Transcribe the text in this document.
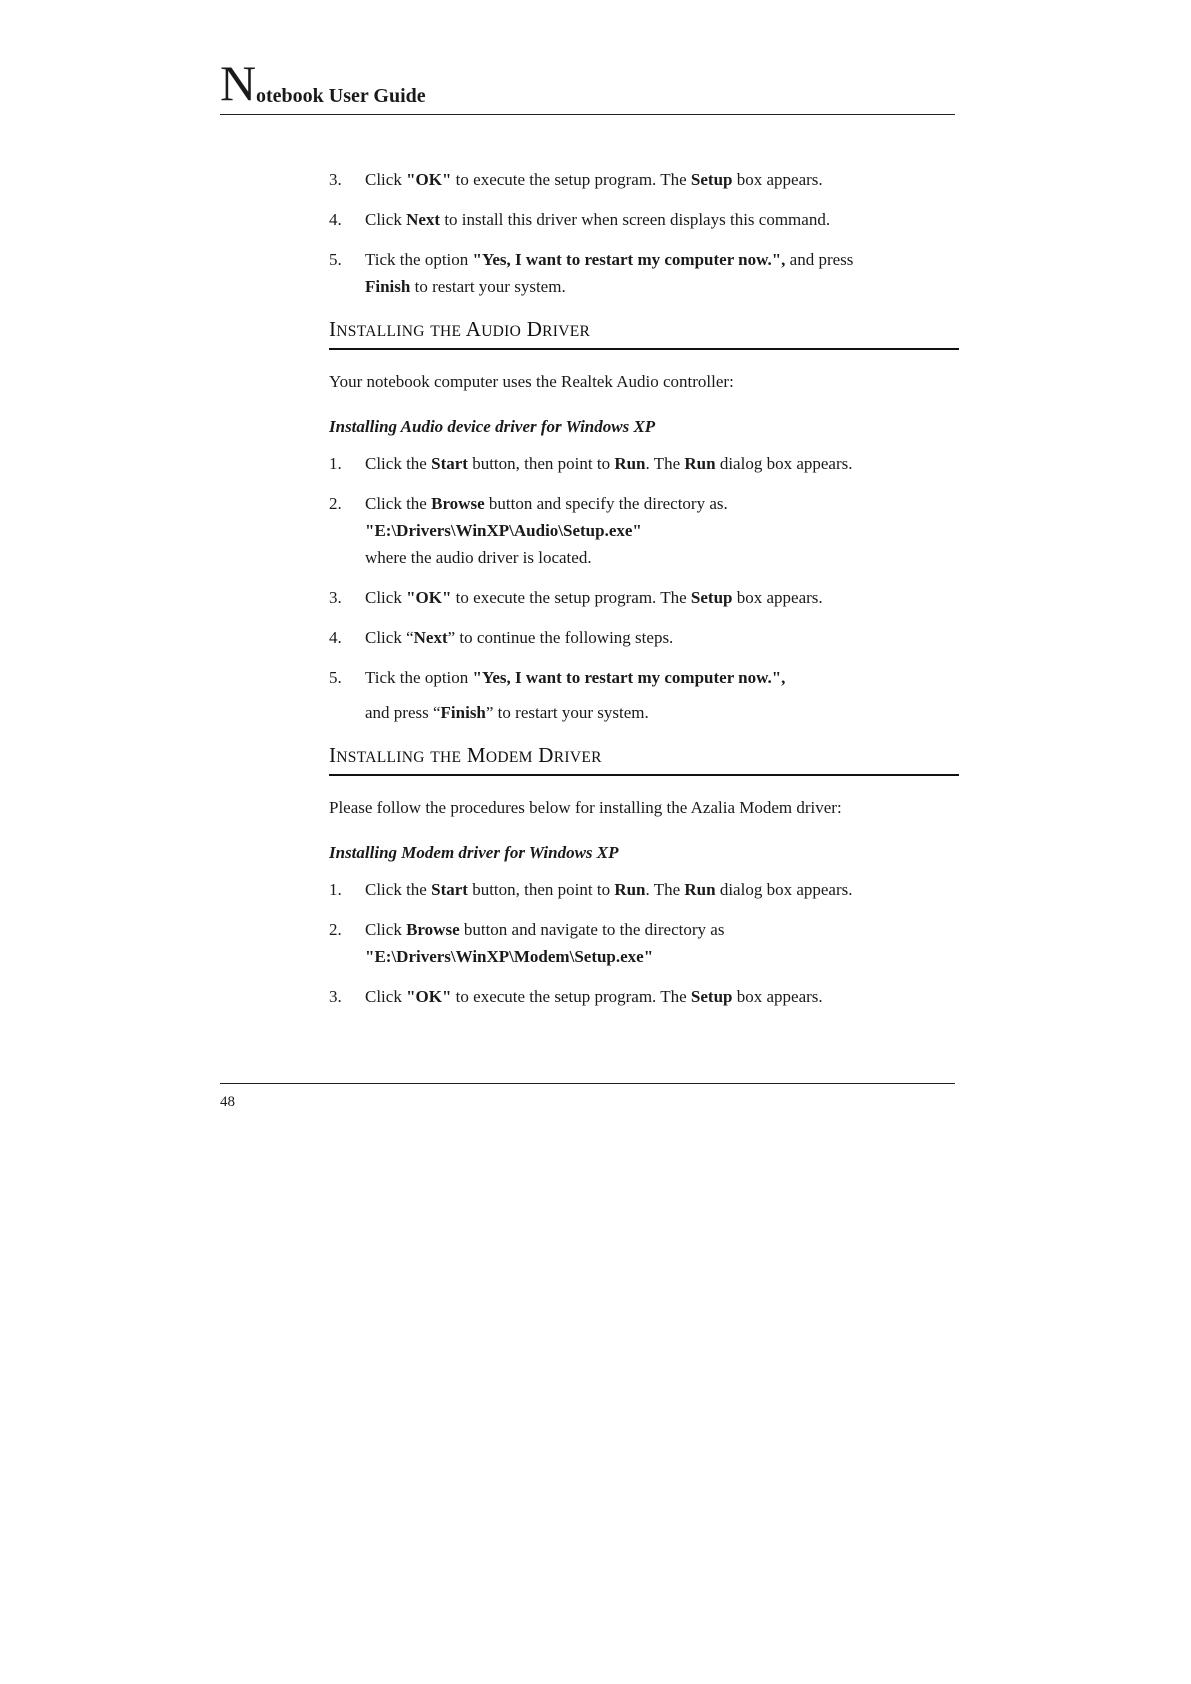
N otebook User Guide
3. Click "OK" to execute the setup program. The Setup box appears.
4. Click Next to install this driver when screen displays this command.
5. Tick the option "Yes, I want to restart my computer now.", and press
Finish to restart your system.
INSTALLING THE AUDIO DRIVER

Your notebook computer uses the Realtek Audio controller:

Installing Audio device driver for Windows XP

1. Click the Start button, then point to Run. The Run dialog box appears.
2. Click the Browse button and specify the directory as.
"E:\Drivers\WinXP\Audio\Setup.exe"
where the audio driver is located.
3. Click "OK" to execute the setup program. The Setup box appears.
4. Click “Next” to continue the following steps.
5. Tick the option "Yes, I want to restart my computer now.",
and press “Finish” to restart your system.
INSTALLING THE MODEM DRIVER

Please follow the procedures below for installing the Azalia Modem driver:

Installing Modem driver for Windows XP

1. Click the Start button, then point to Run. The Run dialog box appears.
2. Click Browse button and navigate to the directory as
"E:\Drivers\WinXP\Modem\Setup.exe"
3. Click "OK" to execute the setup program. The Setup box appears.
48
